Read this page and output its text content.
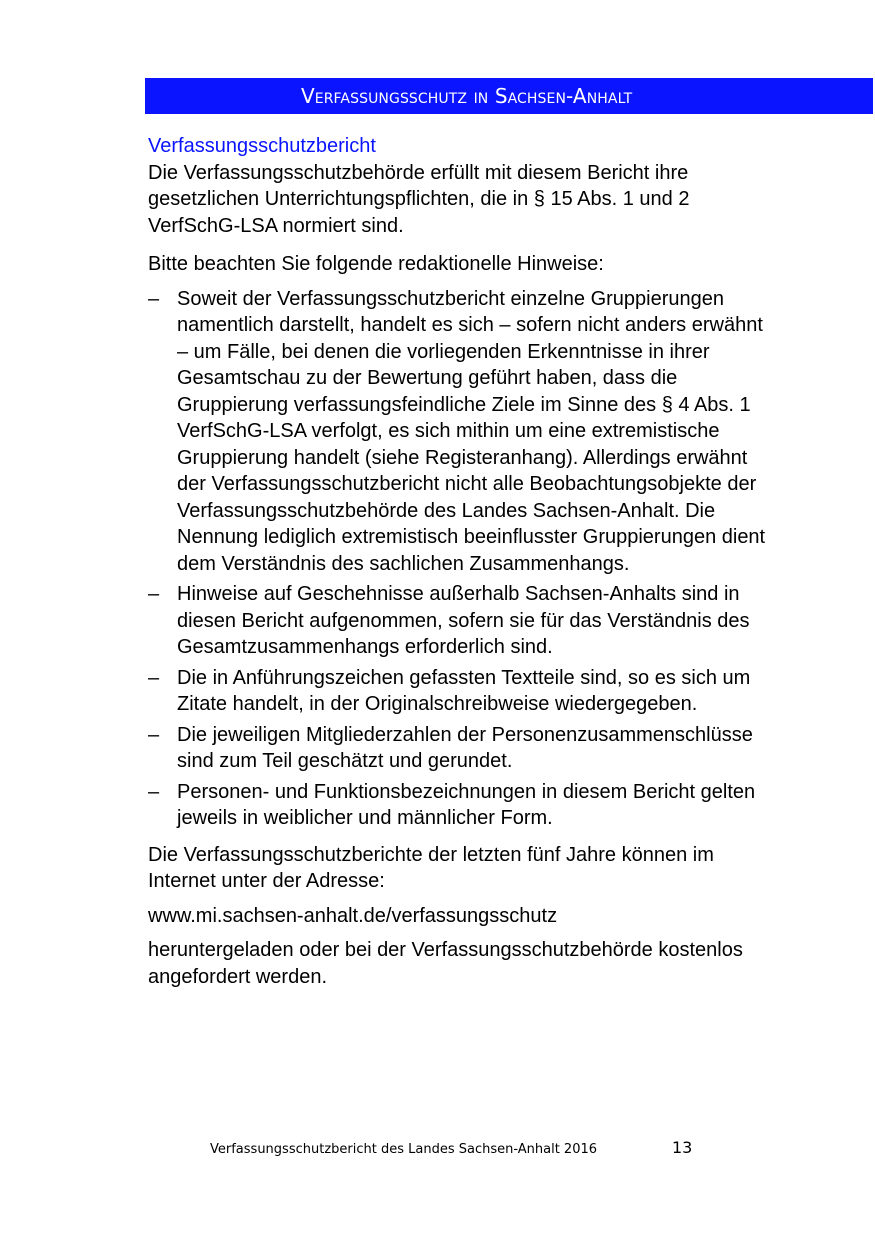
Verfassungsschutz in Sachsen-Anhalt
Verfassungsschutzbericht

Die Verfassungsschutzbehörde erfüllt mit diesem Bericht ihre gesetzlichen Unterrichtungspflichten, die in § 15 Abs. 1 und 2 VerfSchG-LSA normiert sind.

Bitte beachten Sie folgende redaktionelle Hinweise:

– Soweit der Verfassungsschutzbericht einzelne Gruppierungen namentlich darstellt, handelt es sich – sofern nicht anders erwähnt – um Fälle, bei denen die vorliegenden Erkenntnisse in ihrer Gesamtschau zu der Bewertung geführt haben, dass die Gruppierung verfassungsfeindliche Ziele im Sinne des § 4 Abs. 1 VerfSchG-LSA verfolgt, es sich mithin um eine extremistische Gruppierung handelt (siehe Registeranhang). Allerdings erwähnt der Verfassungsschutzbericht nicht alle Beobachtungsobjekte der Verfassungsschutzbehörde des Landes Sachsen-Anhalt. Die Nennung lediglich extremistisch beeinflusster Gruppierungen dient dem Verständnis des sachlichen Zusammenhangs.
– Hinweise auf Geschehnisse außerhalb Sachsen-Anhalts sind in diesen Bericht aufgenommen, sofern sie für das Verständnis des Gesamtzusammenhangs erforderlich sind.
– Die in Anführungszeichen gefassten Textteile sind, so es sich um Zitate handelt, in der Originalschreibweise wiedergegeben.
– Die jeweiligen Mitgliederzahlen der Personenzusammenschlüsse sind zum Teil geschätzt und gerundet.
– Personen- und Funktionsbezeichnungen in diesem Bericht gelten jeweils in weiblicher und männlicher Form.

Die Verfassungsschutzberichte der letzten fünf Jahre können im Internet unter der Adresse:

www.mi.sachsen-anhalt.de/verfassungsschutz

heruntergeladen oder bei der Verfassungsschutzbehörde kostenlos angefordert werden.

Verfassungsschutzbericht des Landes Sachsen-Anhalt 2016	13
